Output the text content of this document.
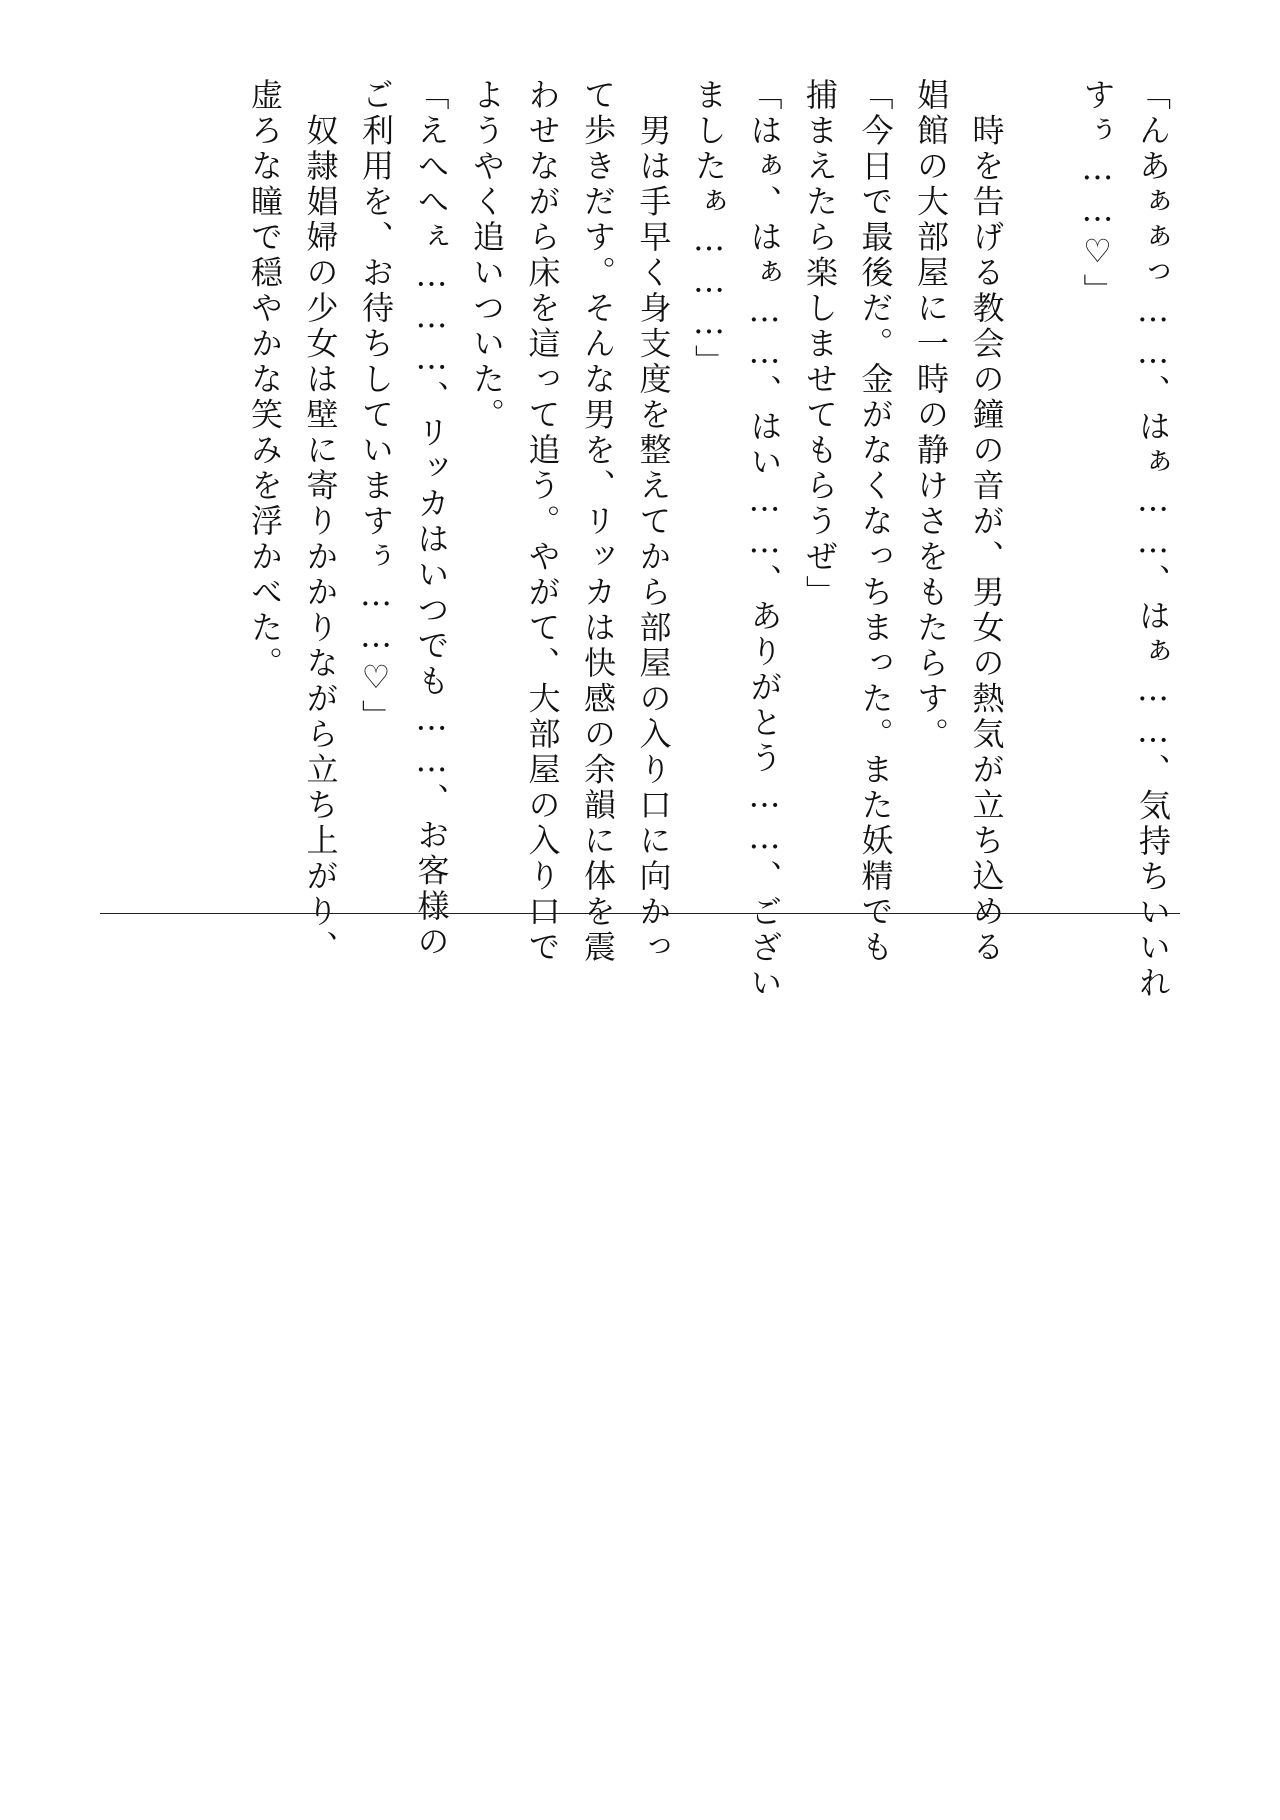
「んあぁぁっ……、はぁ……、はぁ……、気持ちいいれ
すぅ……♡」

　時を告げる教会の鐘の音が、男女の熱気が立ち込める
娼館の大部屋に一時の静けさをもたらす。
「今日で最後だ。金がなくなっちまった。また妖精でも
捕まえたら楽しませてもらうぜ」
「はぁ、はぁ……、はい……、ありがとう……、ござい
ましたぁ………」
　男は手早く身支度を整えてから部屋の入り口に向かっ
て歩きだす。そんな男を、リッカは快感の余韻に体を震
わせながら床を這って追う。やがて、大部屋の入り口で
ようやく追いついた。
「えへへぇ………、リッカはいつでも……、お客様の
ご利用を、お待ちしていますぅ……♡」
　奴隷娼婦の少女は壁に寄りかかりながら立ち上がり、
虚ろな瞳で穏やかな笑みを浮かべた。
